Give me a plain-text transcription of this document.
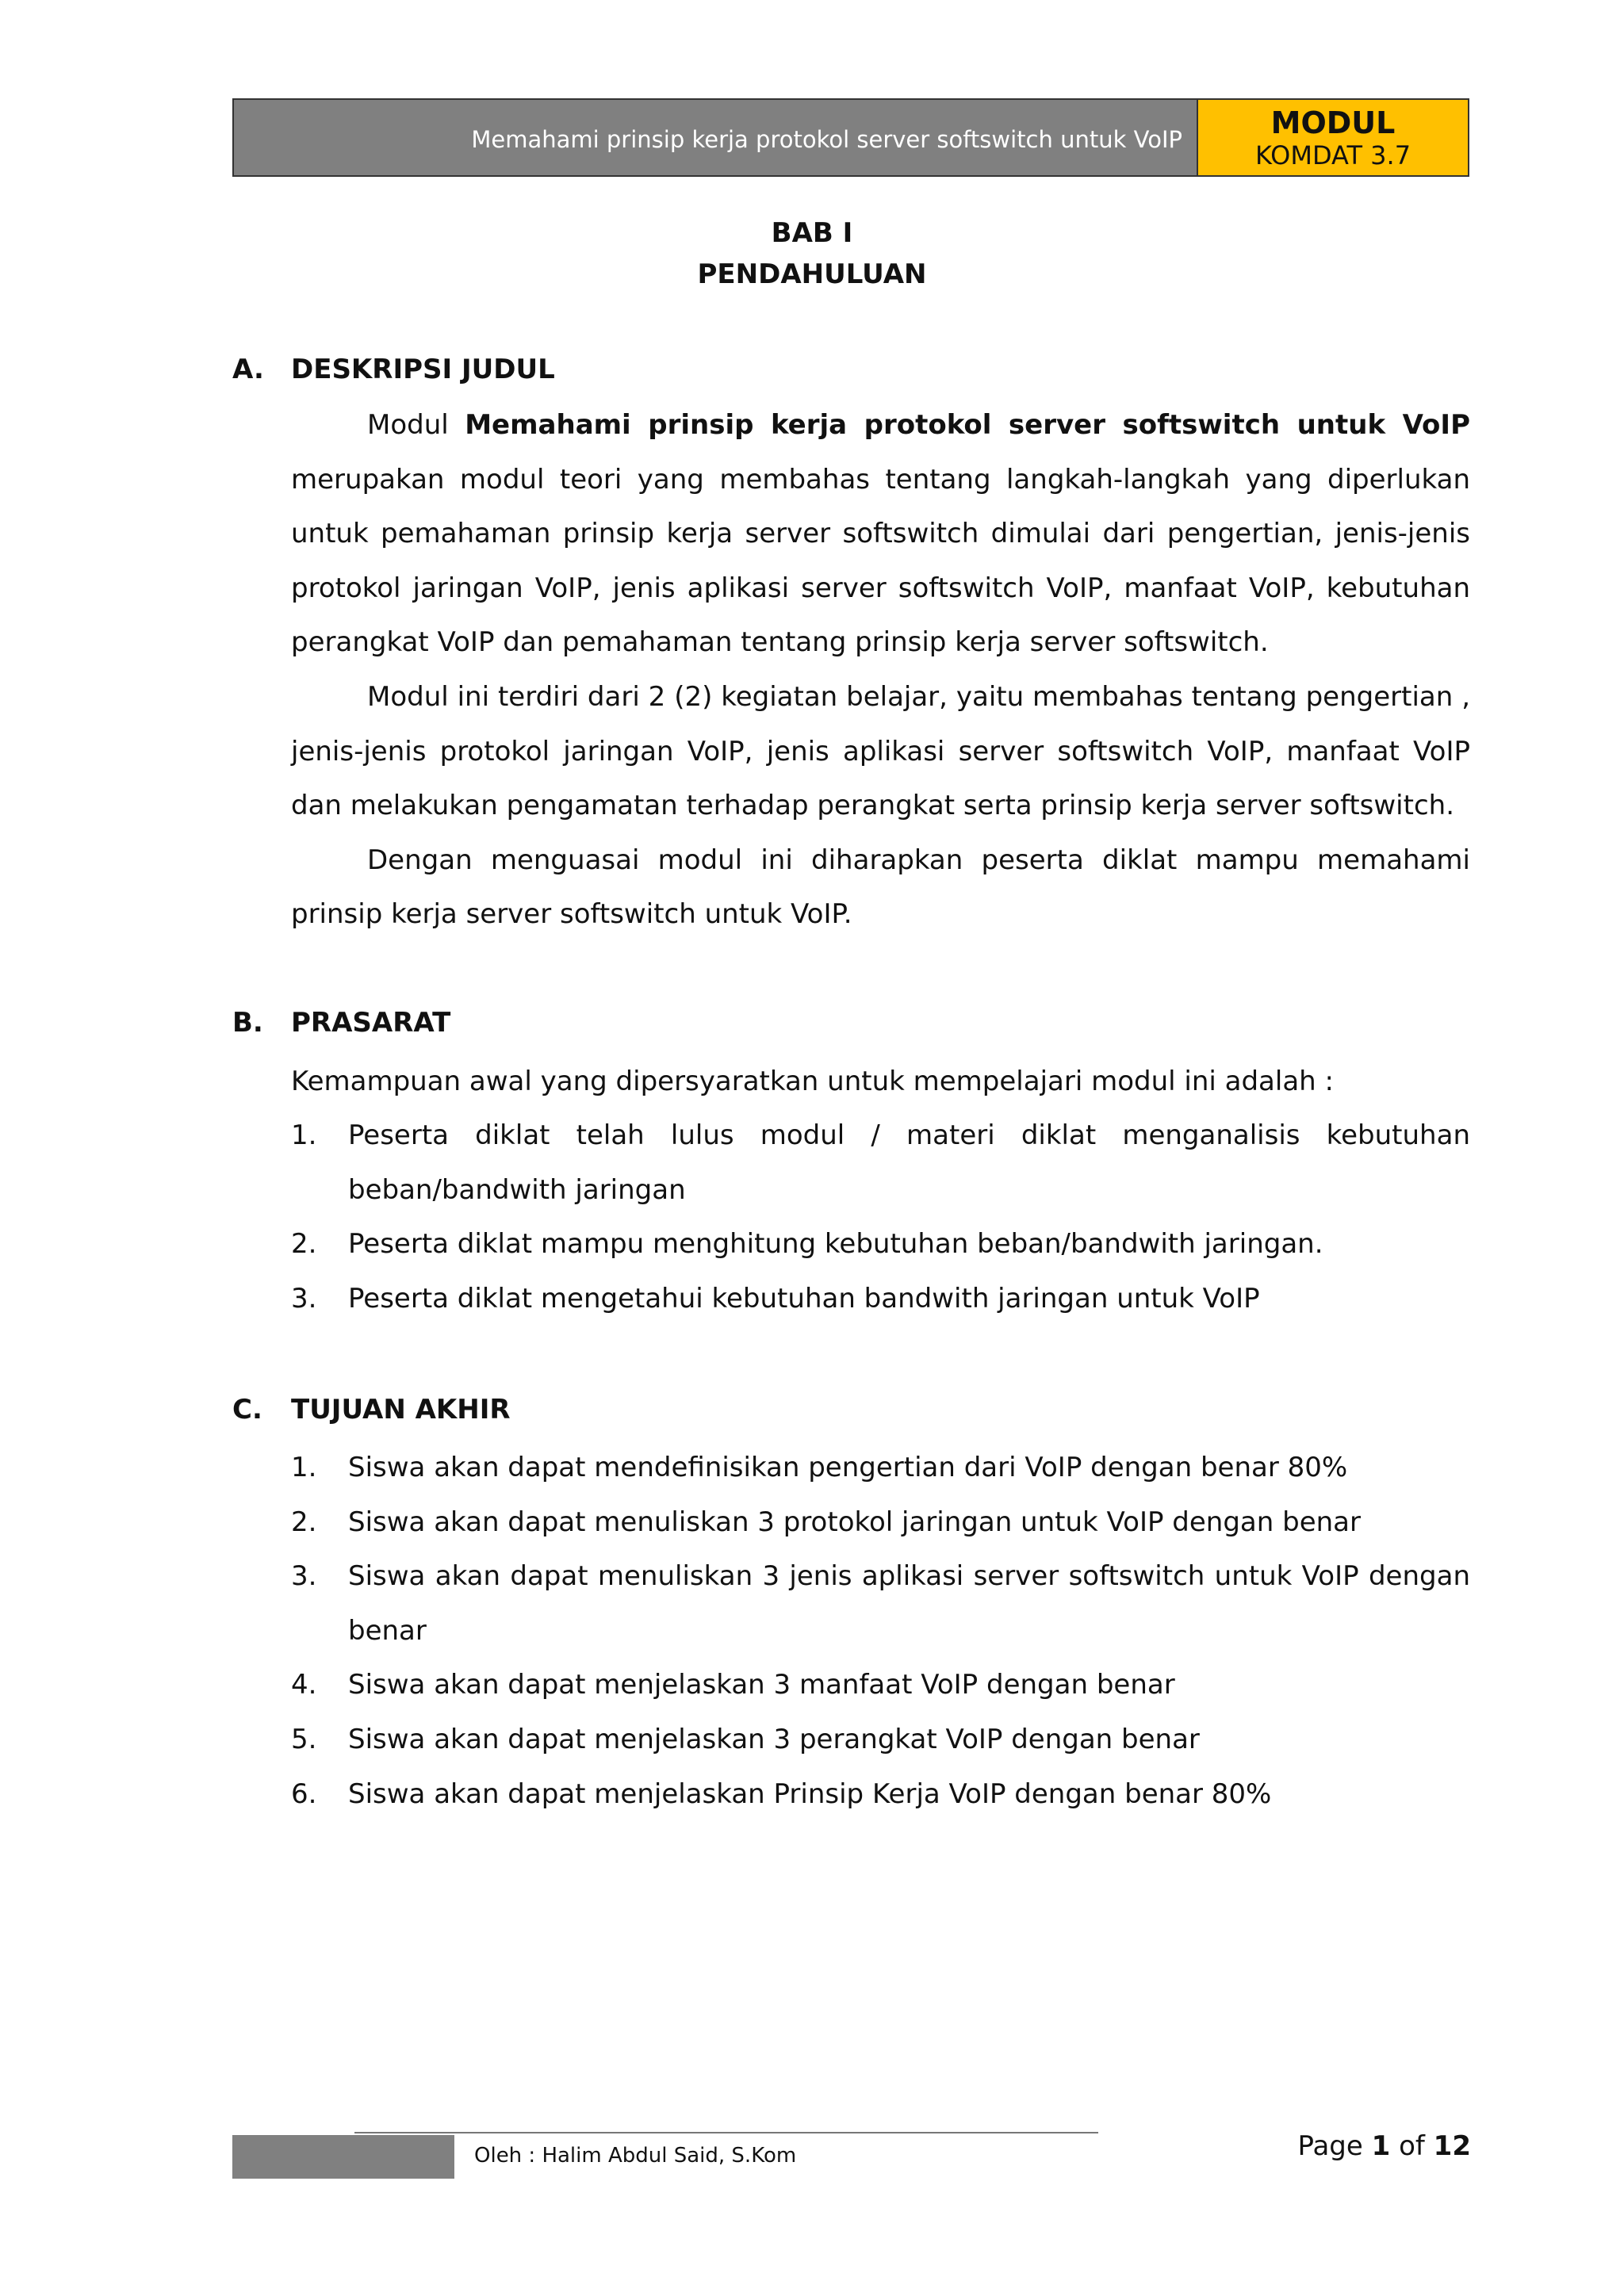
Memahami prinsip kerja protokol server softswitch untuk VoIP	MODUL
KOMDAT 3.7
BAB I
PENDAHULUAN
A.	DESKRIPSI JUDUL

Modul Memahami prinsip kerja protokol server softswitch untuk VoIP merupakan modul teori yang membahas tentang langkah-langkah yang diperlukan untuk pemahaman prinsip kerja server softswitch dimulai dari pengertian, jenis-jenis protokol jaringan VoIP, jenis aplikasi server softswitch VoIP, manfaat VoIP, kebutuhan perangkat VoIP dan pemahaman tentang prinsip kerja server softswitch.

Modul ini terdiri dari 2 (2) kegiatan belajar, yaitu membahas tentang pengertian , jenis-jenis protokol jaringan VoIP, jenis aplikasi server softswitch VoIP, manfaat VoIP dan melakukan pengamatan terhadap perangkat serta prinsip kerja server softswitch.

Dengan menguasai modul ini diharapkan peserta diklat mampu memahami prinsip kerja server softswitch untuk VoIP.

B.	PRASARAT
Kemampuan awal yang dipersyaratkan untuk mempelajari modul ini adalah :
1.	Peserta diklat telah lulus modul / materi diklat menganalisis kebutuhan beban/bandwith jaringan
2.	Peserta diklat mampu menghitung kebutuhan beban/bandwith jaringan.
3.	Peserta diklat mengetahui kebutuhan bandwith jaringan untuk VoIP
C.	TUJUAN AKHIR
1.	Siswa akan dapat mendefinisikan pengertian dari VoIP dengan benar 80%
2.	Siswa akan dapat menuliskan 3 protokol jaringan untuk VoIP dengan benar
3.	Siswa akan dapat menuliskan 3 jenis aplikasi server softswitch untuk VoIP dengan benar
4.	Siswa akan dapat menjelaskan 3 manfaat VoIP dengan benar
5.	Siswa akan dapat menjelaskan 3 perangkat VoIP dengan benar
6.	Siswa akan dapat menjelaskan Prinsip Kerja VoIP dengan benar 80%
Oleh : Halim Abdul Said, S.Kom	Page 1 of 12
